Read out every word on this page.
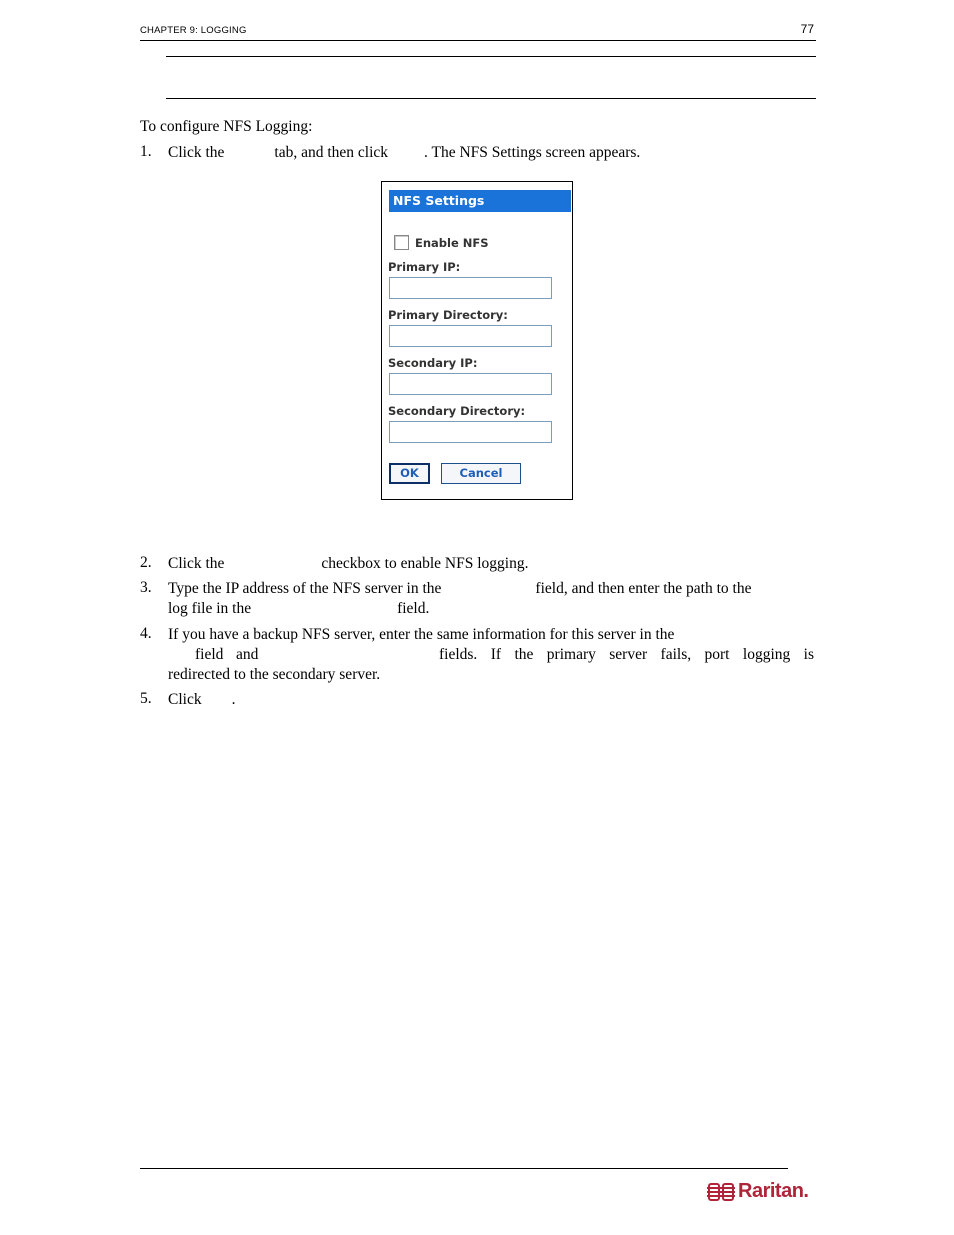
CHAPTER 9: LOGGING	77
To configure NFS Logging:
1. Click the	tab, and then click . The NFS Settings screen appears.
NFS Settings
Enable NFS
Primary IP:
Primary Directory:
Secondary IP:
Secondary Directory:
OK	Cancel
2. Click the	checkbox to enable NFS logging.
3. Type the IP address of the NFS server in the	field, and then enter the path to the
log file in the	field.
4. If you have a backup NFS server, enter the same information for this server in the
field and	fields. If the primary server fails, port logging is
redirected to the secondary server.
5. Click .
Raritan.
